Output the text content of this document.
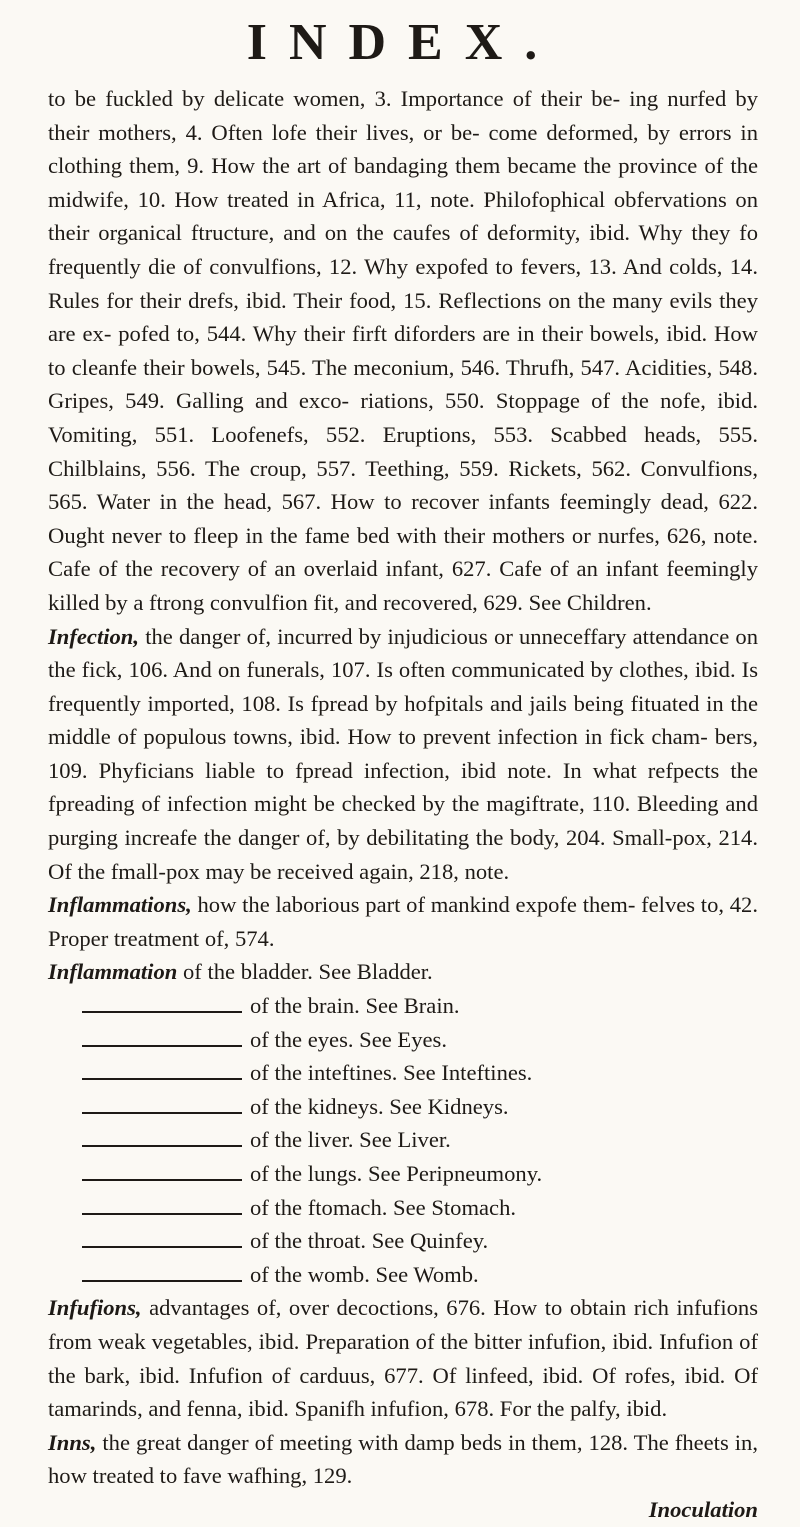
INDEX.

to be fuckled by delicate women, 3. Importance of their be- ing nurfed by their mothers, 4. Often lofe their lives, or be- come deformed, by errors in clothing them, 9. How the art of bandaging them became the province of the midwife, 10. How treated in Africa, 11, note. Philofophical obfervations on their organical ftructure, and on the caufes of deformity, ibid. Why they fo frequently die of convulfions, 12. Why expofed to fevers, 13. And colds, 14. Rules for their drefs, ibid. Their food, 15. Reflections on the many evils they are ex- pofed to, 544. Why their firft diforders are in their bowels, ibid. How to cleanfe their bowels, 545. The meconium, 546. Thrufh, 547. Acidities, 548. Gripes, 549. Galling and exco- riations, 550. Stoppage of the nofe, ibid. Vomiting, 551. Loofenefs, 552. Eruptions, 553. Scabbed heads, 555. Chilblains, 556. The croup, 557. Teething, 559. Rickets, 562. Convulfions, 565. Water in the head, 567. How to recover infants feemingly dead, 622. Ought never to fleep in the fame bed with their mothers or nurfes, 626, note. Cafe of the recovery of an overlaid infant, 627. Cafe of an infant feemingly killed by a ftrong convulfion fit, and recovered, 629. See Children.

Infection, the danger of, incurred by injudicious or unneceffary attendance on the fick, 106. And on funerals, 107. Is often communicated by clothes, ibid. Is frequently imported, 108. Is fpread by hofpitals and jails being fituated in the middle of populous towns, ibid. How to prevent infection in fick cham- bers, 109. Phyficians liable to fpread infection, ibid note. In what refpects the fpreading of infection might be checked by the magiftrate, 110. Bleeding and purging increafe the danger of, by debilitating the body, 204. Small-pox, 214. Of the fmall-pox may be received again, 218, note.

Inflammations, how the laborious part of mankind expofe them- felves to, 42. Proper treatment of, 574.

Inflammation of the bladder. See Bladder.

of the brain. See Brain.
of the eyes. See Eyes.
of the inteftines. See Inteftines.
of the kidneys. See Kidneys.
of the liver. See Liver.
of the lungs. See Peripneumony.
of the ftomach. See Stomach.
of the throat. See Quinfey.
of the womb. See Womb.

Infufions, advantages of, over decoctions, 676. How to obtain rich infufions from weak vegetables, ibid. Preparation of the bitter infufion, ibid. Infufion of the bark, ibid. Infufion of carduus, 677. Of linfeed, ibid. Of rofes, ibid. Of tamarinds, and fenna, ibid. Spanifh infufion, 678. For the palfy, ibid.

Inns, the great danger of meeting with damp beds in them, 128. The fheets in, how treated to fave wafhing, 129.

Inoculation
